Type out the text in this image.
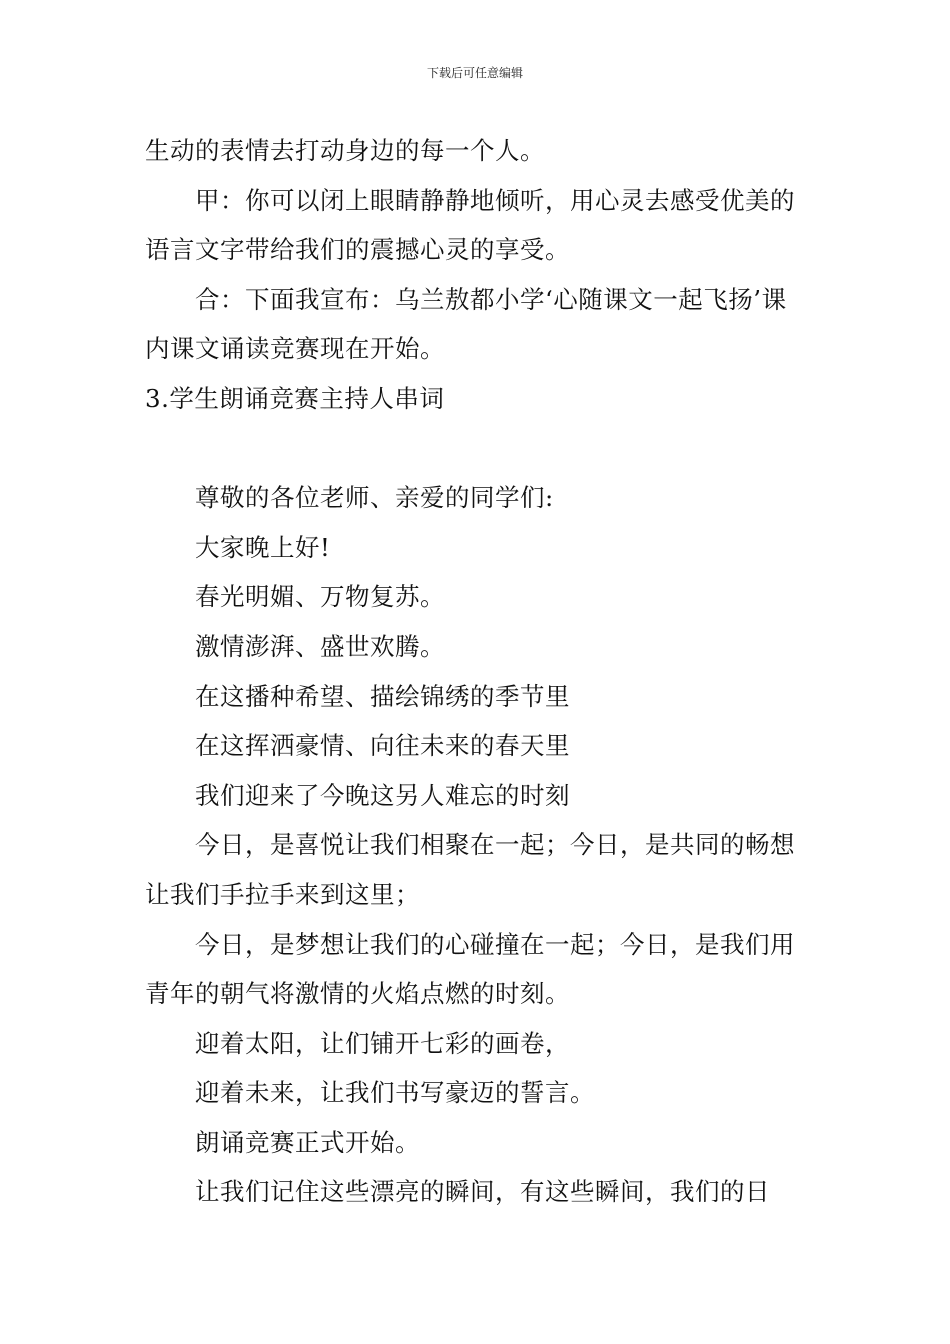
下载后可任意编辑

生动的表情去打动身边的每一个人。

甲：你可以闭上眼睛静静地倾听，用心灵去感受优美的语言文字带给我们的震撼心灵的享受。

合：下面我宣布：乌兰敖都小学‘心随课文一起飞扬’课内课文诵读竞赛现在开始。

3.学生朗诵竞赛主持人串词

尊敬的各位老师、亲爱的同学们:

大家晚上好!

春光明媚、万物复苏。

激情澎湃、盛世欢腾。

在这播种希望、描绘锦绣的季节里

在这挥洒豪情、向往未来的春天里

我们迎来了今晚这另人难忘的时刻

今日，是喜悦让我们相聚在一起；今日，是共同的畅想让我们手拉手来到这里；

今日，是梦想让我们的心碰撞在一起；今日，是我们用青年的朝气将激情的火焰点燃的时刻。

迎着太阳，让们铺开七彩的画卷，

迎着未来，让我们书写豪迈的誓言。

朗诵竞赛正式开始。

让我们记住这些漂亮的瞬间，有这些瞬间，我们的日
